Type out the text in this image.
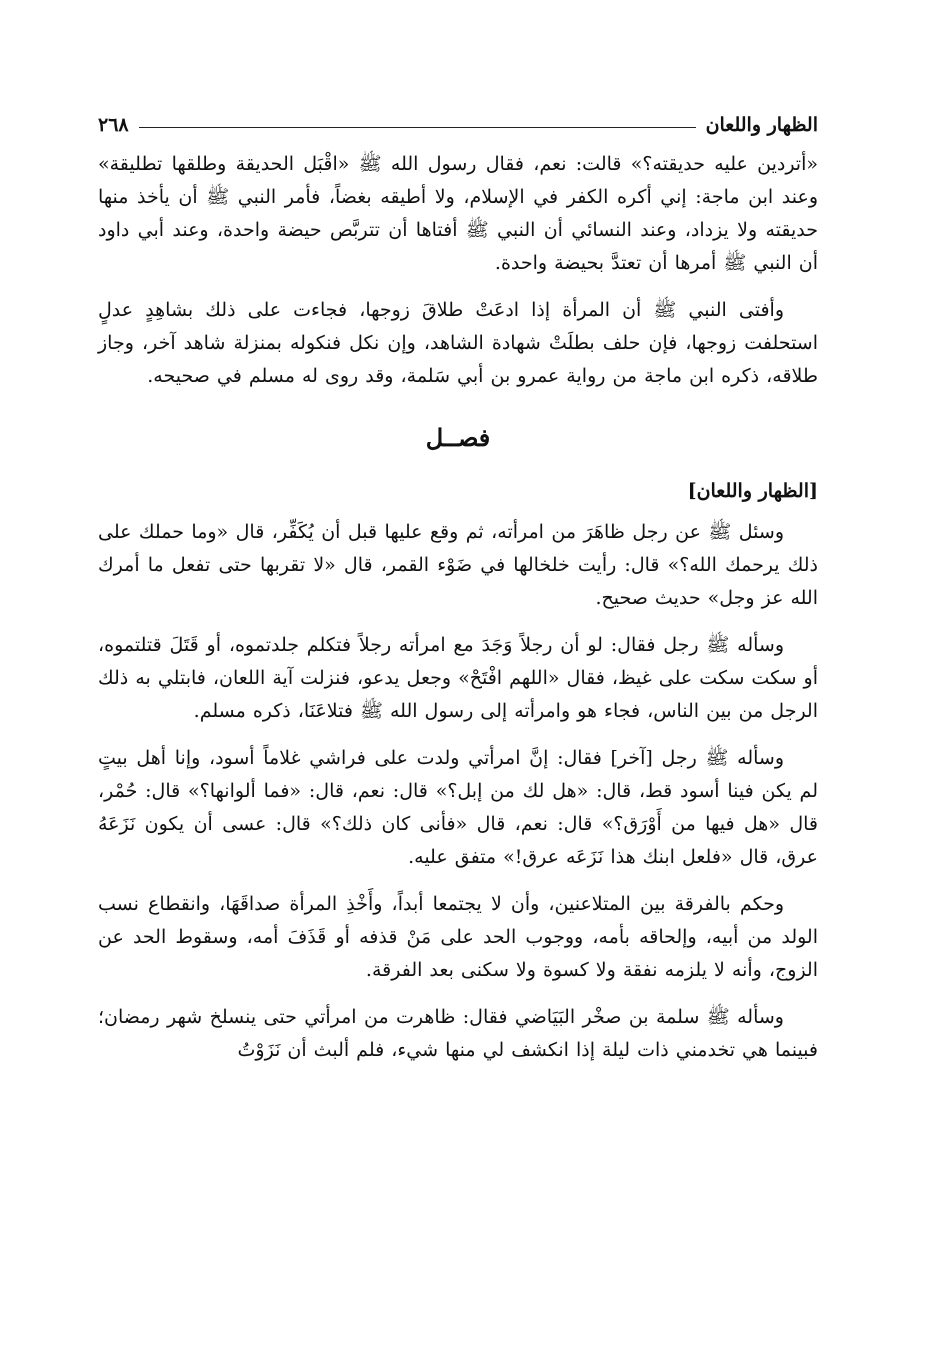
الظهار واللعان
٢٦٨

«أتردين عليه حديقته؟» قالت: نعم، فقال رسول الله ﷺ «اقْبَل الحديقة وطلقها تطليقة» وعند ابن ماجة: إني أكره الكفر في الإسلام، ولا أطيقه بغضاً، فأمر النبي ﷺ أن يأخذ منها حديقته ولا يزداد، وعند النسائي أن النبي ﷺ أفتاها أن تتربَّص حيضة واحدة، وعند أبي داود أن النبي ﷺ أمرها أن تعتدَّ بحيضة واحدة.

وأفتى النبي ﷺ أن المرأة إذا ادعَتْ طلاقَ زوجها، فجاءت على ذلك بشاهِدٍ عدلٍ استحلفت زوجها، فإن حلف بطلَتْ شهادة الشاهد، وإن نكل فنكوله بمنزلة شاهد آخر، وجاز طلاقه، ذكره ابن ماجة من رواية عمرو بن أبي سَلمة، وقد روى له مسلم في صحيحه.

فصــل
[الظهار واللعان]

وسئل ﷺ عن رجل ظاهَرَ من امرأته، ثم وقع عليها قبل أن يُكَفِّر، قال «وما حملك على ذلك يرحمك الله؟» قال: رأيت خلخالها في ضَوْء القمر، قال «لا تقربها حتى تفعل ما أمرك الله عز وجل» حديث صحيح.

وسأله ﷺ رجل فقال: لو أن رجلاً وَجَدَ مع امرأته رجلاً فتكلم جلدتموه، أو قَتَلَ قتلتموه، أو سكت سكت على غيظ، فقال «اللهم افْتَحْ» وجعل يدعو، فنزلت آية اللعان، فابتلي به ذلك الرجل من بين الناس، فجاء هو وامرأته إلى رسول الله ﷺ فتلاعَنَا، ذكره مسلم.

وسأله ﷺ رجل [آخر] فقال: إنَّ امرأتي ولدت على فراشي غلاماً أسود، وإنا أهل بيتٍ لم يكن فينا أسود قط، قال: «هل لك من إبل؟» قال: نعم، قال: «فما ألوانها؟» قال: حُمْر، قال «هل فيها من أَوْرَق؟» قال: نعم، قال «فأنى كان ذلك؟» قال: عسى أن يكون نَزَعَهُ عرق، قال «فلعل ابنك هذا نَزَعَه عرق!» متفق عليه.

وحكم بالفرقة بين المتلاعنين، وأن لا يجتمعا أبداً، وأَخْذِ المرأة صداقَهَا، وانقطاع نسب الولد من أبيه، وإلحاقه بأمه، ووجوب الحد على مَنْ قذفه أو قَذَفَ أمه، وسقوط الحد عن الزوج، وأنه لا يلزمه نفقة ولا كسوة ولا سكنى بعد الفرقة.

وسأله ﷺ سلمة بن صخْر البَيَاضي فقال: ظاهرت من امرأتي حتى ينسلخ شهر رمضان؛ فبينما هي تخدمني ذات ليلة إذا انكشف لي منها شيء، فلم ألبث أن نَزَوْتُ
